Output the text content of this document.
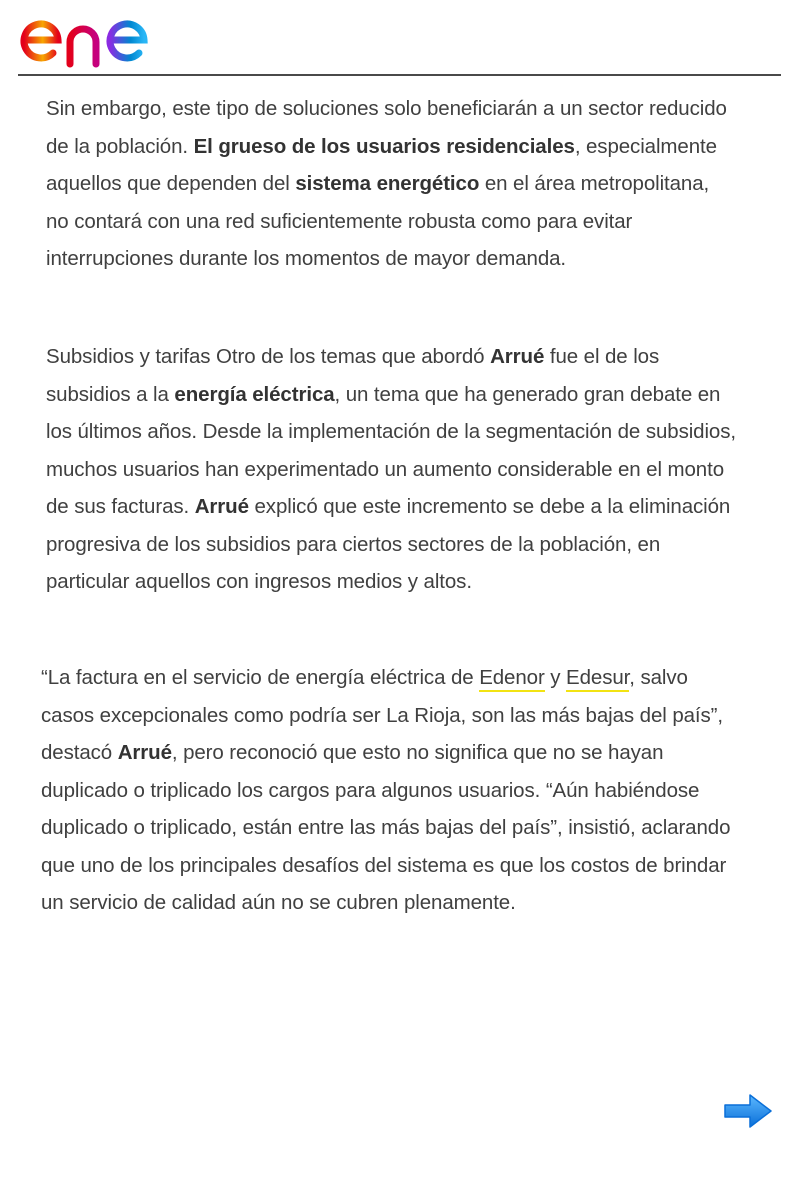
Sin embargo, este tipo de soluciones solo beneficiarán a un sector reducido de la población. El grueso de los usuarios residenciales, especialmente aquellos que dependen del sistema energético en el área metropolitana, no contará con una red suficientemente robusta como para evitar interrupciones durante los momentos de mayor demanda.

Subsidios y tarifas Otro de los temas que abordó Arrué fue el de los subsidios a la energía eléctrica, un tema que ha generado gran debate en los últimos años. Desde la implementación de la segmentación de subsidios, muchos usuarios han experimentado un aumento considerable en el monto de sus facturas. Arrué explicó que este incremento se debe a la eliminación progresiva de los subsidios para ciertos sectores de la población, en particular aquellos con ingresos medios y altos.

“La factura en el servicio de energía eléctrica de Edenor y Edesur, salvo casos excepcionales como podría ser La Rioja, son las más bajas del país”, destacó Arrué, pero reconoció que esto no significa que no se hayan duplicado o triplicado los cargos para algunos usuarios. “Aún habiéndose duplicado o triplicado, están entre las más bajas del país”, insistió, aclarando que uno de los principales desafíos del sistema es que los costos de brindar un servicio de calidad aún no se cubren plenamente.
